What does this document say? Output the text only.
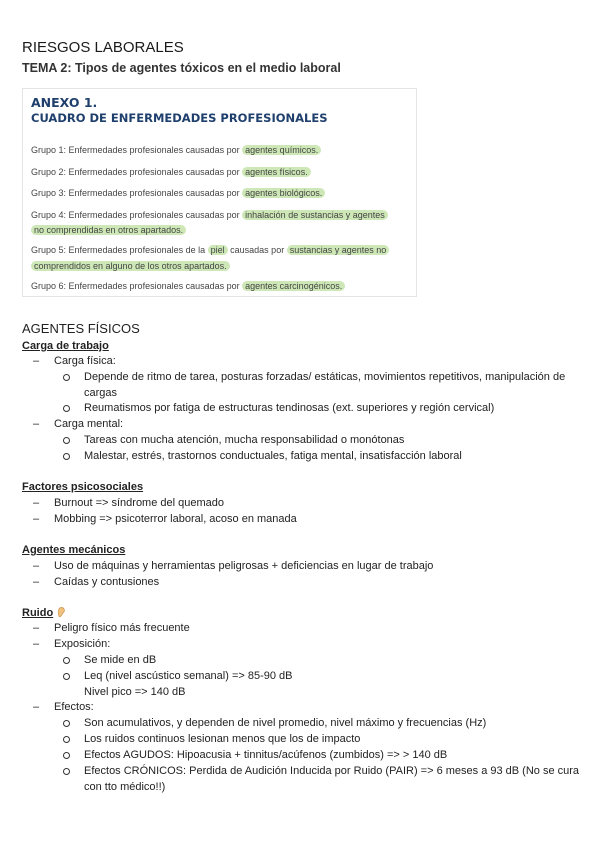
RIESGOS LABORALES
TEMA 2: Tipos de agentes tóxicos en el medio laboral
ANEXO 1.
CUADRO DE ENFERMEDADES PROFESIONALES
Grupo 1: Enfermedades profesionales causadas por agentes químicos.
Grupo 2: Enfermedades profesionales causadas por agentes físicos.
Grupo 3: Enfermedades profesionales causadas por agentes biológicos.
Grupo 4: Enfermedades profesionales causadas por inhalación de sustancias y agentes
no comprendidas en otros apartados.
Grupo 5: Enfermedades profesionales de la piel causadas por sustancias y agentes no
comprendidos en alguno de los otros apartados.
Grupo 6: Enfermedades profesionales causadas por agentes carcinogénicos.
AGENTES FÍSICOS
Carga de trabajo
– Carga física:
Depende de ritmo de tarea, posturas forzadas/ estáticas, movimientos repetitivos, manipulación de
cargas
Reumatismos por fatiga de estructuras tendinosas (ext. superiores y región cervical)
– Carga mental:
Tareas con mucha atención, mucha responsabilidad o monótonas
Malestar, estrés, trastornos conductuales, fatiga mental, insatisfacción laboral
Factores psicosociales
– Burnout => síndrome del quemado
– Mobbing => psicoterror laboral, acoso en manada
Agentes mecánicos
– Uso de máquinas y herramientas peligrosas + deficiencias en lugar de trabajo
– Caídas y contusiones
Ruido
– Peligro físico más frecuente
– Exposición:
Se mide en dB
Leq (nivel ascústico semanal) => 85-90 dB
Nivel pico => 140 dB
– Efectos:
Son acumulativos, y dependen de nivel promedio, nivel máximo y frecuencias (Hz)
Los ruidos continuos lesionan menos que los de impacto
Efectos AGUDOS: Hipoacusia + tinnitus/acúfenos (zumbidos) => > 140 dB
Efectos CRÓNICOS: Perdida de Audición Inducida por Ruido (PAIR) => 6 meses a 93 dB (No se cura
con tto médico!!)
